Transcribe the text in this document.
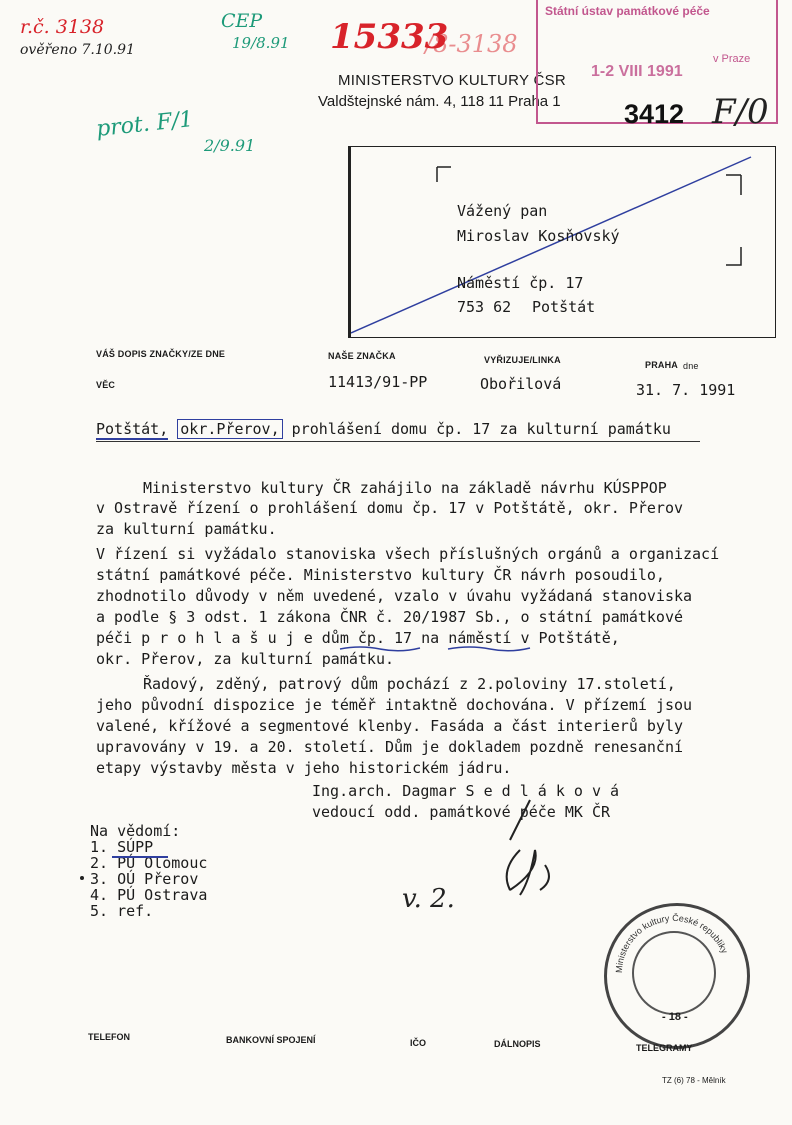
r.č. 3138
ověřeno 7.10.91
CEP
19/8.91 15333
/8-3138
prot. F/1
2/9.91
MINISTERSTVO KULTURY ČSR
Valdštejnské nám. 4, 118 11 Praha 1
Státní ústav památkové péče
v Praze
1-2 VIII 1991
3412 F/0
Vážený pan
Miroslav Kosňovský
Náměstí čp. 17
753 62 Potštát
VÁŠ DOPIS ZNAČKY/ZE DNE	NAŠE ZNAČKA	VYŘIZUJE/LINKA	PRAHA dne
VĚC	11413/91-PP	Obořilová	31. 7. 1991
Potštát, okr.Přerov, prohlášení domu čp. 17 za kulturní památku
Ministerstvo kultury ČR zahájilo na základě návrhu KÚSPPOP
v Ostravě řízení o prohlášení domu čp. 17 v Potštátě, okr. Přerov
za kulturní památku.
V řízení si vyžádalo stanoviska všech příslušných orgánů a organizací
státní památkové péče. Ministerstvo kultury ČR návrh posoudilo,
zhodnotilo důvody v něm uvedené, vzalo v úvahu vyžádaná stanoviska
a podle § 3 odst. 1 zákona ČNR č. 20/1987 Sb., o státní památkové
péči p r o h l a š u j e dům čp. 17 na náměstí v Potštátě,
okr. Přerov, za kulturní památku.
Řadový, zděný, patrový dům pochází z 2.poloviny 17.století,
jeho původní dispozice je téměř intaktně dochována. V přízemí jsou
valené, křížové a segmentové klenby. Fasáda a část interierů byly
upravovány v 19. a 20. století. Dům je dokladem pozdně renesanční
etapy výstavby města v jeho historickém jádru.
Ing.arch. Dagmar S e d l á k o v á
vedoucí odd. památkové péče MK ČR
Na vědomí:
1. SÚPP
2. PÚ Olomouc
3. OÚ Přerov
4. PÚ Ostrava
5. ref.	v. 2.
Ministerstvo kultury České republiky
- 18 -
TELEFON	BANKOVNÍ SPOJENÍ	IČO	DÁLNOPIS	TELEGRAMY
TZ (6) 78 - Mělník
